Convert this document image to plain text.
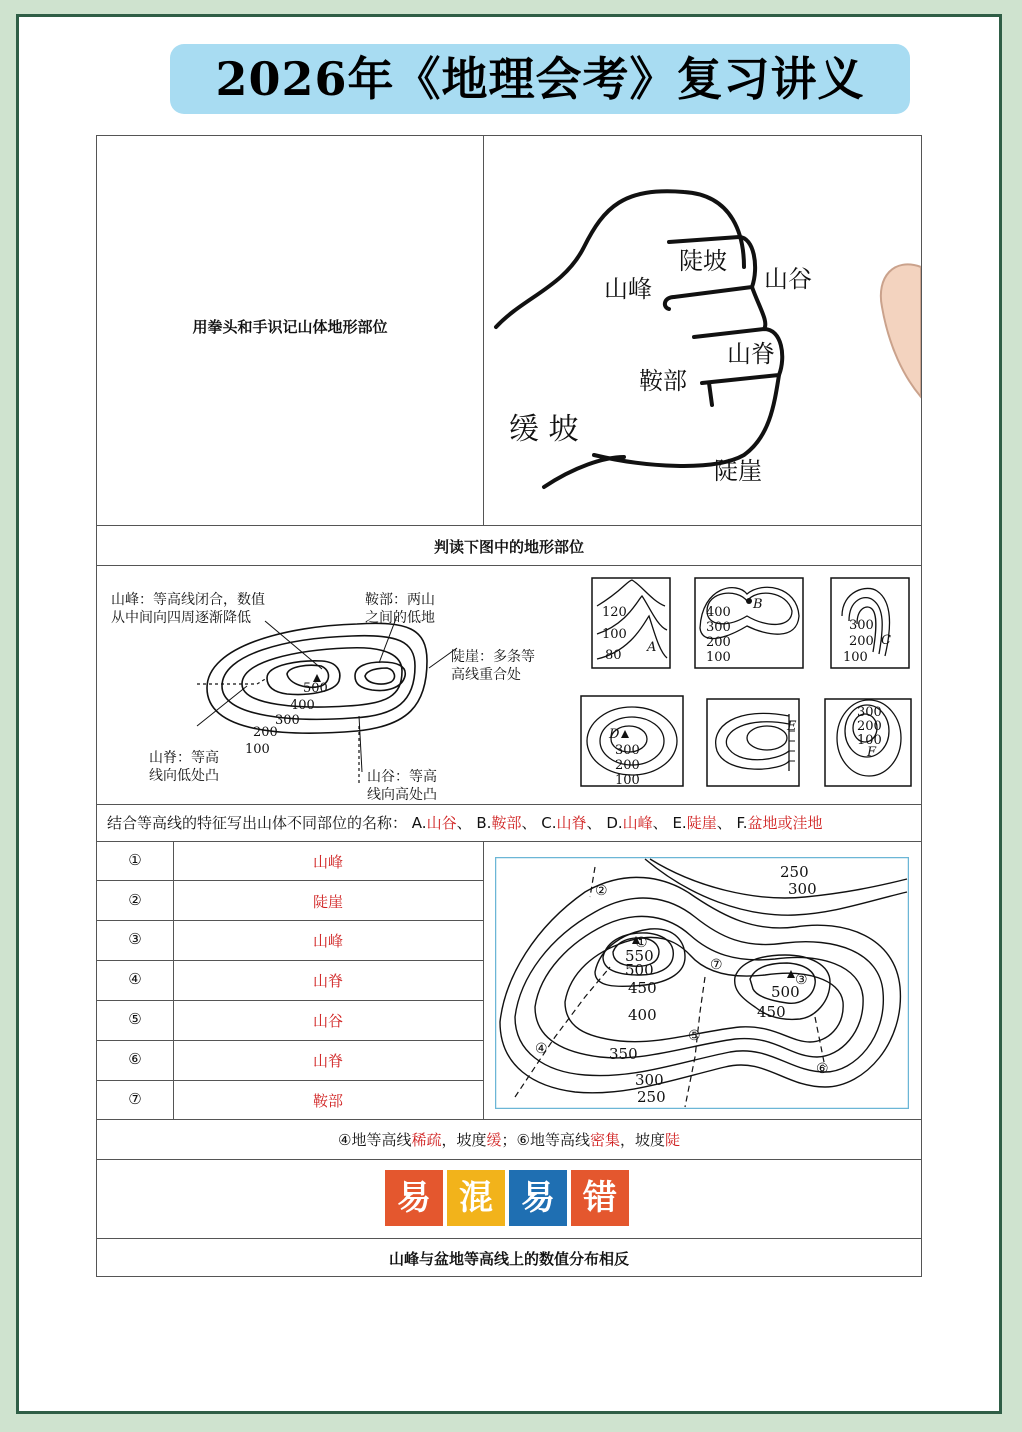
2026年《地理会考》复习讲义
用拳头和手识记山体地形部位
陡坡
山峰	山谷
山脊
鞍部
缓 坡
陡崖
判读下图中的地形部位
山峰：等高线闭合，数值
从中间向四周逐渐降低
鞍部：两山
之间的低地
陡崖：多条等
高线重合处
山脊：等高
线向低处凸	山谷：等高
线向高处凸
500
400
300
200
100
120
100
80
A
400
300
200
100
B
300
200
100
C
D
300
200
100
E
300
200
100
F
结合等高线的特征写出山体不同部位的名称： A.山谷、 B.鞍部、 C.山脊、 D.山峰、 E.陡崖、 F.盆地或洼地
①	山峰
②	陡崖
③	山峰
④	山脊
⑤	山谷
⑥	山脊
⑦	鞍部
250
300
550
500
450
400
350
300
250
500
450
①
②
③
④
⑤
⑥
⑦
④地等高线稀疏，坡度缓；⑥地等高线密集，坡度陡
易 混 易 错
山峰与盆地等高线上的数值分布相反
